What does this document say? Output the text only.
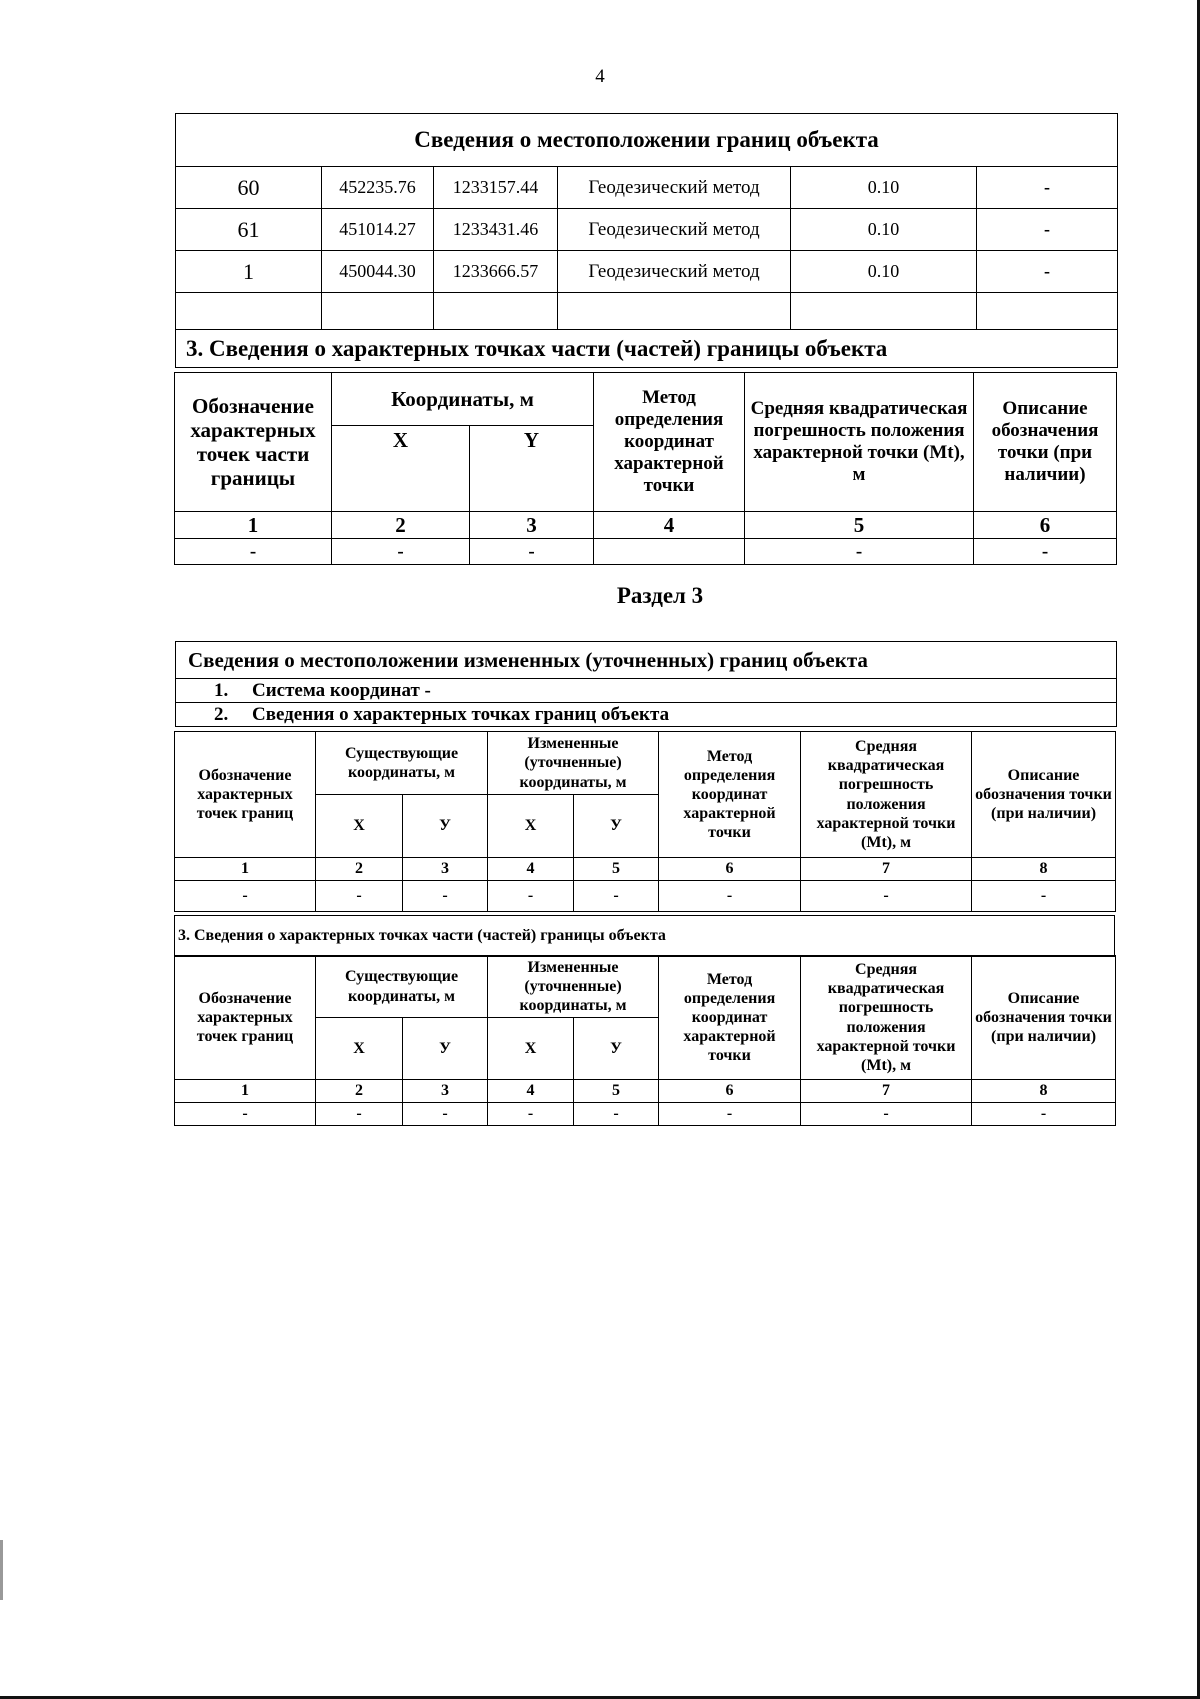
4
Сведения о местоположении границ объекта					
60	452235.76	1233157.44	Геодезический метод	0.10	-
61	451014.27	1233431.46	Геодезический метод	0.10	-
1	450044.30	1233666.57	Геодезический метод	0.10	-

3. Сведения о характерных точках части (частей) границы объекта					
Обозначение характерных точек части границы	Координаты, м		Метод определения координат характерной точки	Средняя квадратическая погрешность положения характерной точки (Mt), м	Описание обозначения точки (при наличии)
	X	Y			
1	2	3	4	5	6
-	-	-		-	-
Раздел 3
Сведения о местоположении измененных (уточненных) границ объекта
1. Система координат -
2. Сведения о характерных точках границ объекта
Обозначение характерных точек границ	Существующие координаты, м		Измененные (уточненные) координаты, м		Метод определения координат характерной точки	Средняя квадратическая погрешность положения характерной точки (Mt), м	Описание обозначения точки (при наличии)
	X	У	X	У			
1	2	3	4	5	6	7	8
-	-	-	-	-	-	-	-
3. Сведения о характерных точках части (частей) границы объекта
Обозначение характерных точек границ	Существующие координаты, м		Измененные (уточненные) координаты, м		Метод определения координат характерной точки	Средняя квадратическая погрешность положения характерной точки (Mt), м	Описание обозначения точки (при наличии)
	X	У	X	У			
1	2	3	4	5	6	7	8
-	-	-	-	-	-	-	-
